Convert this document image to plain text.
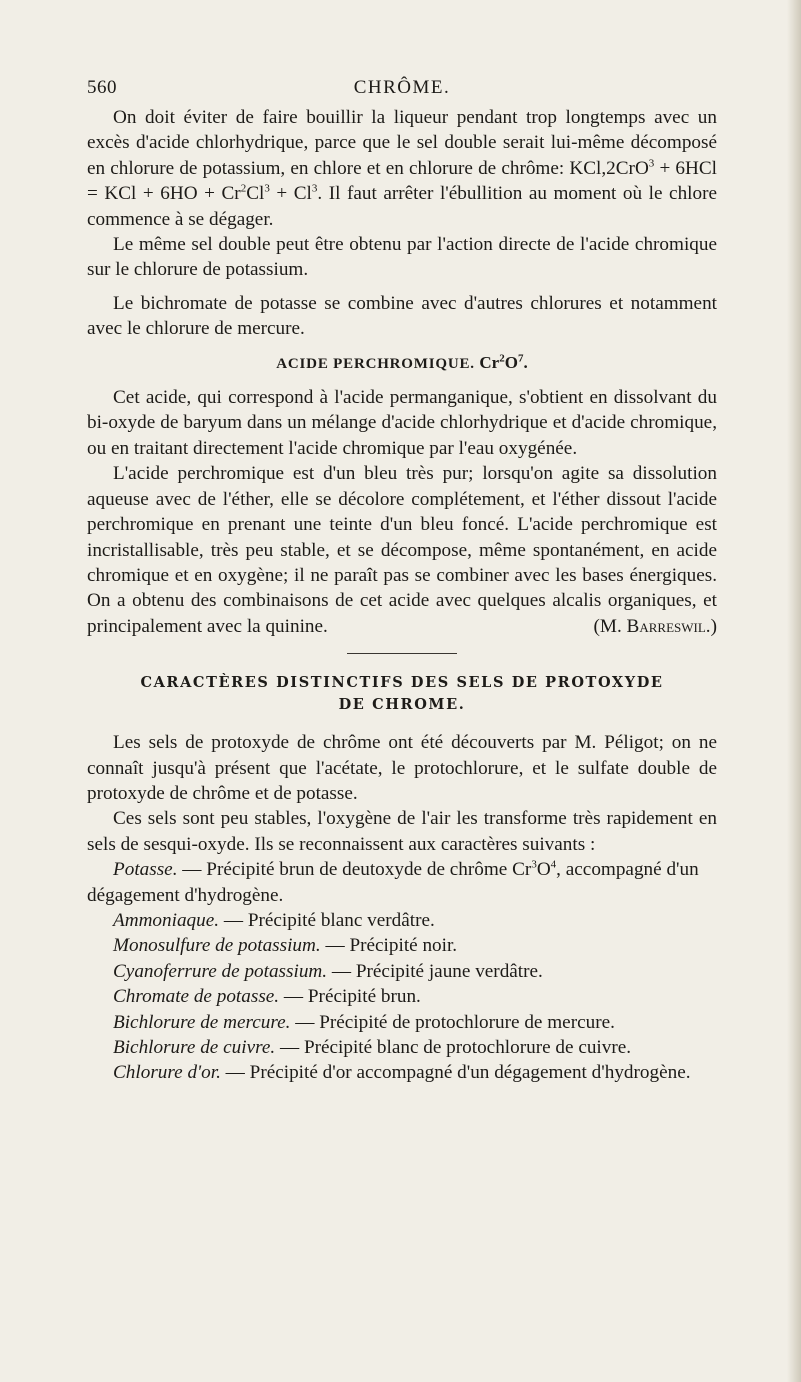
560	CHRÔME.

On doit éviter de faire bouillir la liqueur pendant trop longtemps avec un excès d'acide chlorhydrique, parce que le sel double serait lui-même décomposé en chlorure de potassium, en chlore et en chlorure de chrôme: KCl,2CrO$^3$ + 6HCl = KCl + $6HO + Cr^2Cl^3 + Cl^3$. Il faut arrêter l'ébullition au moment où le chlore commence à se dégager.

Le même sel double peut être obtenu par l'action directe de l'acide chromique sur le chlorure de potassium.

Le bichromate de potasse se combine avec d'autres chlorures et notamment avec le chlorure de mercure.

ACIDE PERCHROMIQUE. $Cr^2O^7$.

Cet acide, qui correspond à l'acide permanganique, s'obtient en dissolvant du bi-oxyde de baryum dans un mélange d'acide chlorhydrique et d'acide chromique, ou en traitant directement l'acide chromique par l'eau oxygénée.

L'acide perchromique est d'un bleu très pur; lorsqu'on agite sa dissolution aqueuse avec de l'éther, elle se décolore complétement, et l'éther dissout l'acide perchromique en prenant une teinte d'un bleu foncé. L'acide perchromique est incristallisable, très peu stable, et se décompose, même spontanément, en acide chromique et en oxygène; il ne paraît pas se combiner avec les bases énergiques. On a obtenu des combinaisons de cet acide avec quelques alcalis organiques, et principalement avec la quinine.	(M. Barreswil.)

CARACTÈRES DISTINCTIFS DES SELS DE PROTOXYDE
DE CHROME.

Les sels de protoxyde de chrôme ont été découverts par M. Péligot; on ne connaît jusqu'à présent que l'acétate, le protochlorure, et le sulfate double de protoxyde de chrôme et de potasse.

Ces sels sont peu stables, l'oxygène de l'air les transforme très rapidement en sels de sesqui-oxyde. Ils se reconnaissent aux caractères suivants :

Potasse. — Précipité brun de deutoxyde de chrôme $Cr^3O^4$, accompagné d'un dégagement d'hydrogène.

Ammoniaque. — Précipité blanc verdâtre.

Monosulfure de potassium. — Précipité noir.

Cyanoferrure de potassium. — Précipité jaune verdâtre.

Chromate de potasse. — Précipité brun.

Bichlorure de mercure. — Précipité de protochlorure de mercure.

Bichlorure de cuivre. — Précipité blanc de protochlorure de cuivre.

Chlorure d'or. — Précipité d'or accompagné d'un dégagement d'hydrogène.
